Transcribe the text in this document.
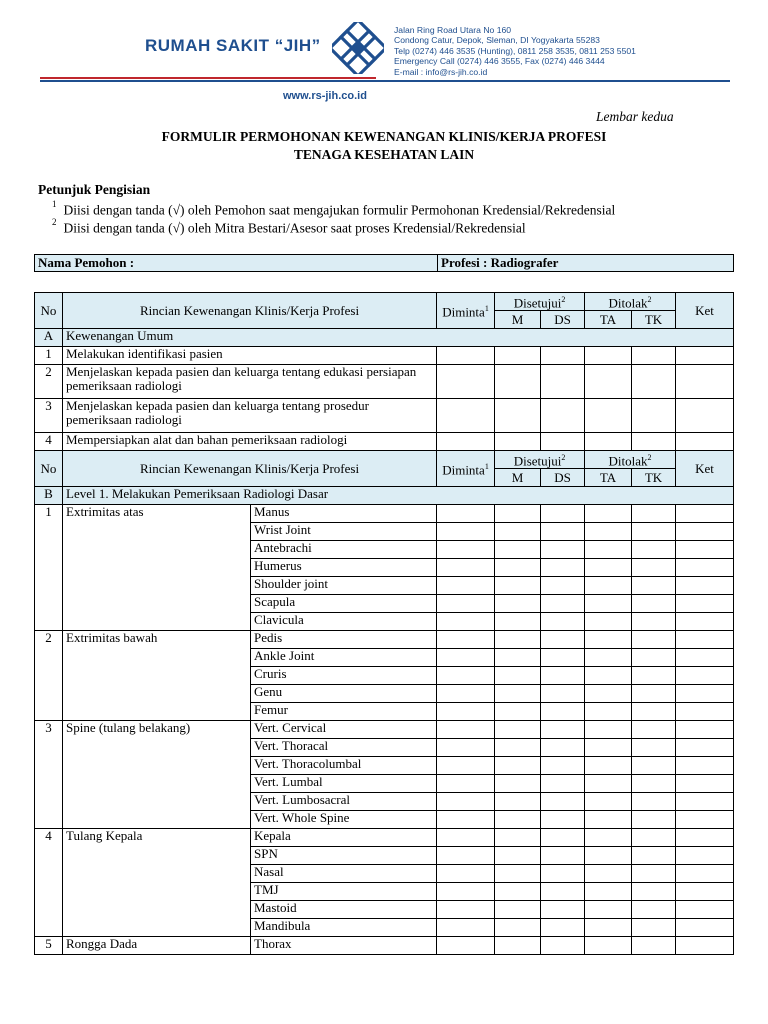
RUMAH SAKIT “JIH”
Jalan Ring Road Utara No 160
Condong Catur, Depok, Sleman, DI Yogyakarta 55283
Telp (0274) 446 3535 (Hunting), 0811 258 3535, 0811 253 5501
Emergency Call (0274) 446 3555, Fax (0274) 446 3444
E-mail : info@rs-jih.co.id
www.rs-jih.co.id
Lembar kedua
FORMULIR PERMOHONAN KEWENANGAN KLINIS/KERJA PROFESI
TENAGA KESEHATAN LAIN
Petunjuk Pengisian
$^1$ Diisi dengan tanda (√) oleh Pemohon saat mengajukan formulir Permohonan Kredensial/Rekredensial
$^2$ Diisi dengan tanda (√) oleh Mitra Bestari/Asesor saat proses Kredensial/Rekredensial
Nama Pemohon :	Profesi : Radiografer
No	Rincian Kewenangan Klinis/Kerja Profesi		Diminta$^1$	Disetujui$^2$		Ditolak$^2$		Ket
				M	DS	TA	TK	
A	Kewenangan Umum							
1	Melakukan identifikasi pasien							
2	Menjelaskan kepada pasien dan keluarga tentang edukasi persiapan pemeriksaan radiologi							
3	Menjelaskan kepada pasien dan keluarga tentang prosedur pemeriksaan radiologi							
4	Mempersiapkan alat dan bahan pemeriksaan radiologi							
No	Rincian Kewenangan Klinis/Kerja Profesi		Diminta$^1$	Disetujui$^2$		Ditolak$^2$		Ket
				M	DS	TA	TK	
B	Level 1. Melakukan Pemeriksaan Radiologi Dasar							
1	Extrimitas atas	Manus						
		Wrist Joint						
		Antebrachi						
		Humerus						
		Shoulder joint						
		Scapula						
		Clavicula						
2	Extrimitas bawah	Pedis						
		Ankle Joint						
		Cruris						
		Genu						
		Femur						
3	Spine (tulang belakang)	Vert. Cervical						
		Vert. Thoracal						
		Vert. Thoracolumbal						
		Vert. Lumbal						
		Vert. Lumbosacral						
		Vert. Whole Spine						
4	Tulang Kepala	Kepala						
		SPN						
		Nasal						
		TMJ						
		Mastoid						
		Mandibula						
5	Rongga Dada	Thorax						
